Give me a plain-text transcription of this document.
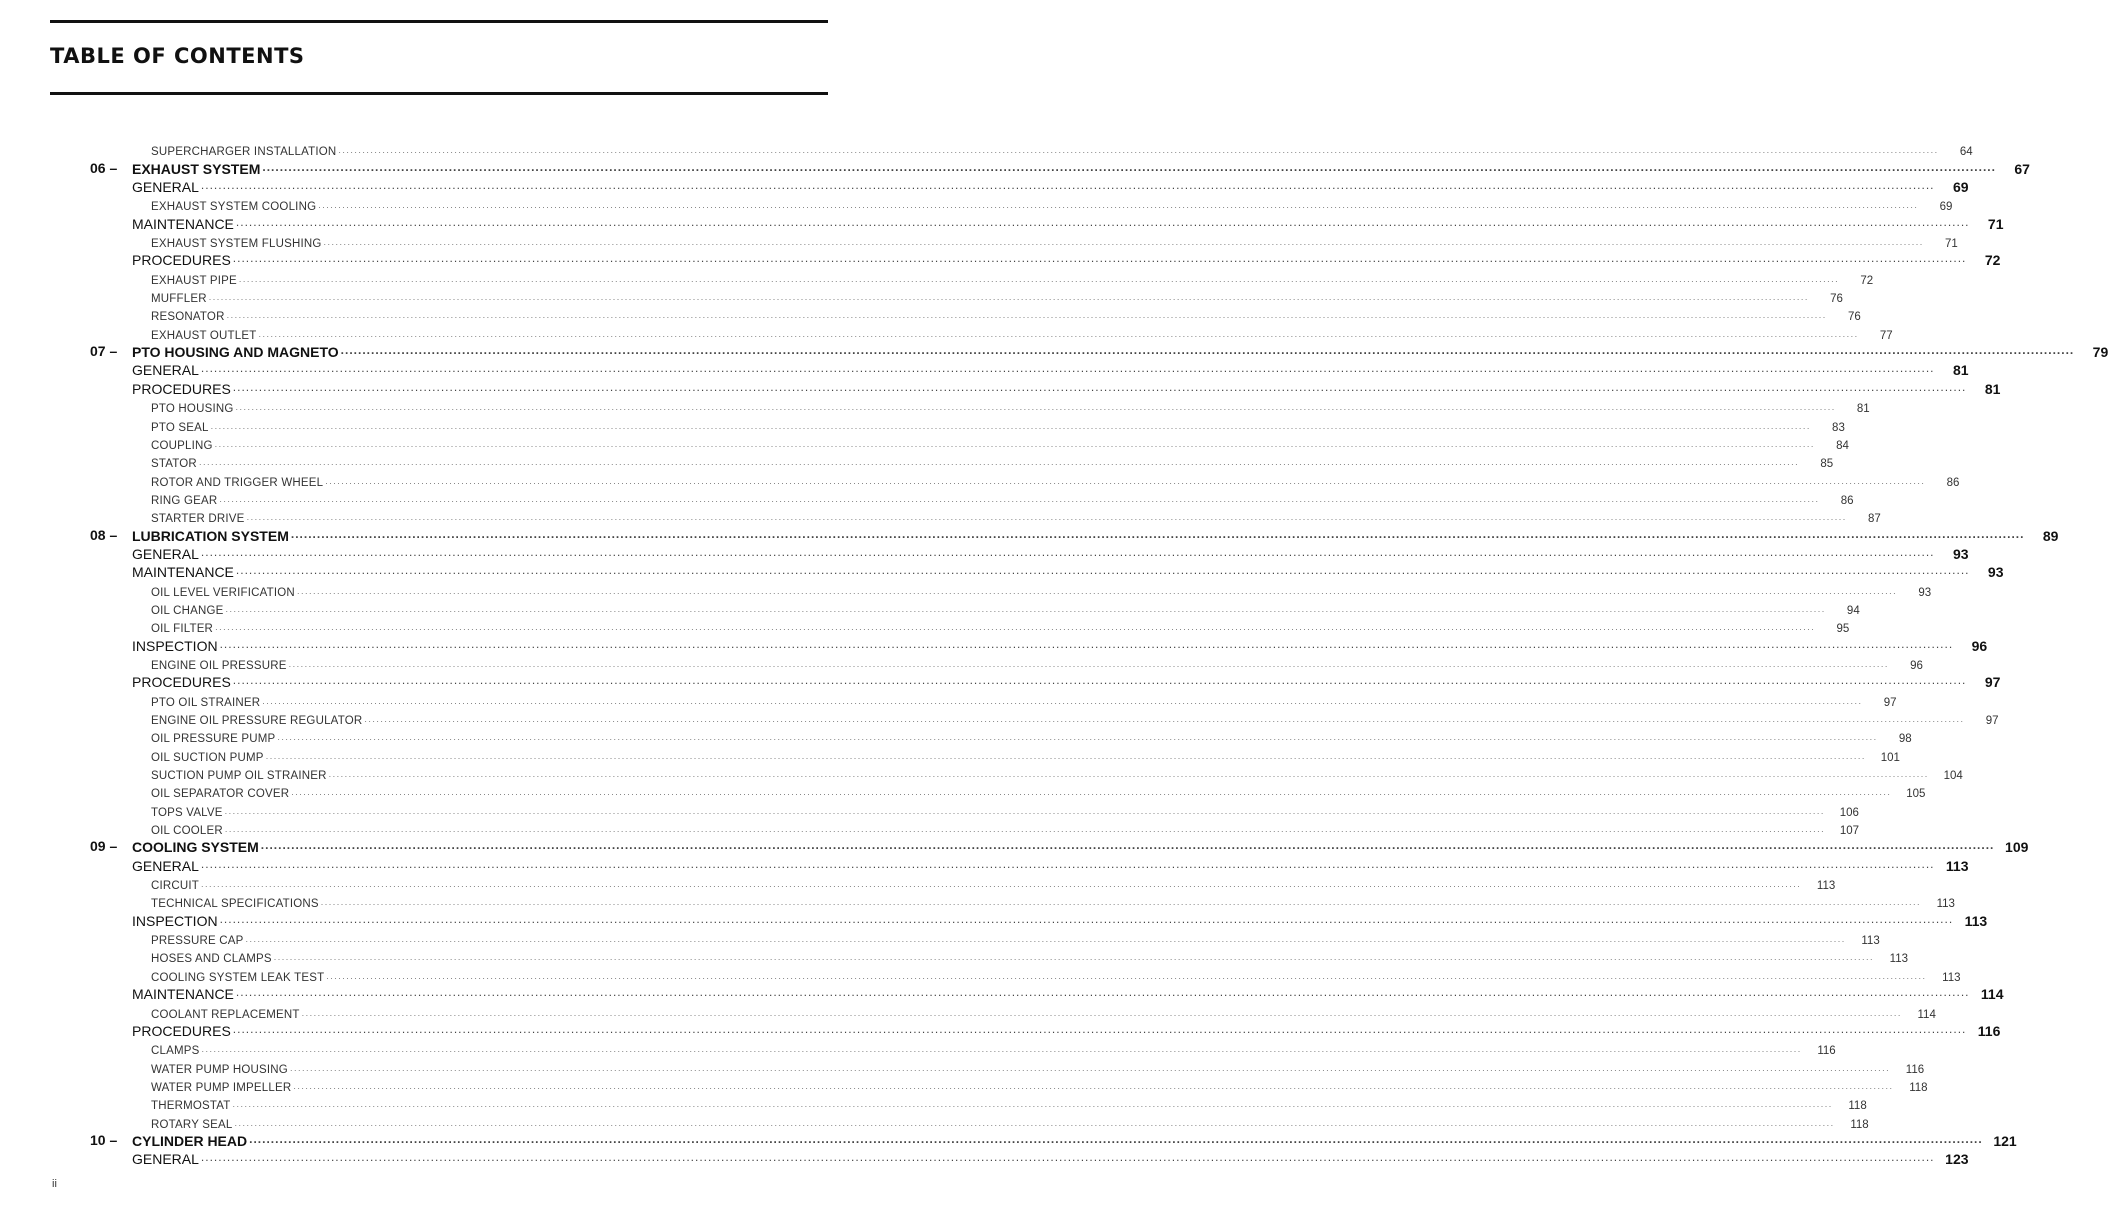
TABLE OF CONTENTS
SUPERCHARGER INSTALLATION ................................................................................................................................................................................................................................................................................................................................................................................................................	64
06 –	EXHAUST SYSTEM ................................................................................................................................................................................................................................................................................................................................................................................................................	67
GENERAL ................................................................................................................................................................................................................................................................................................................................................................................................................	69
EXHAUST SYSTEM COOLING ................................................................................................................................................................................................................................................................................................................................................................................................................	69
MAINTENANCE ................................................................................................................................................................................................................................................................................................................................................................................................................	71
EXHAUST SYSTEM FLUSHING ................................................................................................................................................................................................................................................................................................................................................................................................................	71
PROCEDURES ................................................................................................................................................................................................................................................................................................................................................................................................................	72
EXHAUST PIPE ................................................................................................................................................................................................................................................................................................................................................................................................................	72
MUFFLER ................................................................................................................................................................................................................................................................................................................................................................................................................	76
RESONATOR ................................................................................................................................................................................................................................................................................................................................................................................................................	76
EXHAUST OUTLET ................................................................................................................................................................................................................................................................................................................................................................................................................	77
07 –	PTO HOUSING AND MAGNETO ................................................................................................................................................................................................................................................................................................................................................................................................................	79
GENERAL ................................................................................................................................................................................................................................................................................................................................................................................................................	81
PROCEDURES ................................................................................................................................................................................................................................................................................................................................................................................................................	81
PTO HOUSING ................................................................................................................................................................................................................................................................................................................................................................................................................	81
PTO SEAL ................................................................................................................................................................................................................................................................................................................................................................................................................	83
COUPLING ................................................................................................................................................................................................................................................................................................................................................................................................................	84
STATOR ................................................................................................................................................................................................................................................................................................................................................................................................................	85
ROTOR AND TRIGGER WHEEL ................................................................................................................................................................................................................................................................................................................................................................................................................	86
RING GEAR ................................................................................................................................................................................................................................................................................................................................................................................................................	86
STARTER DRIVE ................................................................................................................................................................................................................................................................................................................................................................................................................	87
08 –	LUBRICATION SYSTEM ................................................................................................................................................................................................................................................................................................................................................................................................................	89
GENERAL ................................................................................................................................................................................................................................................................................................................................................................................................................	93
MAINTENANCE ................................................................................................................................................................................................................................................................................................................................................................................................................	93
OIL LEVEL VERIFICATION ................................................................................................................................................................................................................................................................................................................................................................................................................	93
OIL CHANGE ................................................................................................................................................................................................................................................................................................................................................................................................................	94
OIL FILTER ................................................................................................................................................................................................................................................................................................................................................................................................................	95
INSPECTION ................................................................................................................................................................................................................................................................................................................................................................................................................	96
ENGINE OIL PRESSURE ................................................................................................................................................................................................................................................................................................................................................................................................................	96
PROCEDURES ................................................................................................................................................................................................................................................................................................................................................................................................................	97
PTO OIL STRAINER ................................................................................................................................................................................................................................................................................................................................................................................................................	97
ENGINE OIL PRESSURE REGULATOR ................................................................................................................................................................................................................................................................................................................................................................................................................	97
OIL PRESSURE PUMP ................................................................................................................................................................................................................................................................................................................................................................................................................	98
OIL SUCTION PUMP ................................................................................................................................................................................................................................................................................................................................................................................................................	101
SUCTION PUMP OIL STRAINER ................................................................................................................................................................................................................................................................................................................................................................................................................	104
OIL SEPARATOR COVER ................................................................................................................................................................................................................................................................................................................................................................................................................	105
TOPS VALVE ................................................................................................................................................................................................................................................................................................................................................................................................................	106
OIL COOLER ................................................................................................................................................................................................................................................................................................................................................................................................................	107
09 –	COOLING SYSTEM ................................................................................................................................................................................................................................................................................................................................................................................................................ 109
GENERAL ................................................................................................................................................................................................................................................................................................................................................................................................................ 113
CIRCUIT ................................................................................................................................................................................................................................................................................................................................................................................................................	113
TECHNICAL SPECIFICATIONS ................................................................................................................................................................................................................................................................................................................................................................................................................	113
INSPECTION ................................................................................................................................................................................................................................................................................................................................................................................................................ 113
PRESSURE CAP ................................................................................................................................................................................................................................................................................................................................................................................................................	113
HOSES AND CLAMPS ................................................................................................................................................................................................................................................................................................................................................................................................................	113
COOLING SYSTEM LEAK TEST ................................................................................................................................................................................................................................................................................................................................................................................................................	113
MAINTENANCE ................................................................................................................................................................................................................................................................................................................................................................................................................ 114
COOLANT REPLACEMENT ................................................................................................................................................................................................................................................................................................................................................................................................................	114
PROCEDURES ................................................................................................................................................................................................................................................................................................................................................................................................................ 116
CLAMPS ................................................................................................................................................................................................................................................................................................................................................................................................................	116
WATER PUMP HOUSING ................................................................................................................................................................................................................................................................................................................................................................................................................	116
WATER PUMP IMPELLER ................................................................................................................................................................................................................................................................................................................................................................................................................	118
THERMOSTAT ................................................................................................................................................................................................................................................................................................................................................................................................................	118
ROTARY SEAL ................................................................................................................................................................................................................................................................................................................................................................................................................	118
10 –	CYLINDER HEAD ................................................................................................................................................................................................................................................................................................................................................................................................................ 121
GENERAL ................................................................................................................................................................................................................................................................................................................................................................................................................ 123
ii
